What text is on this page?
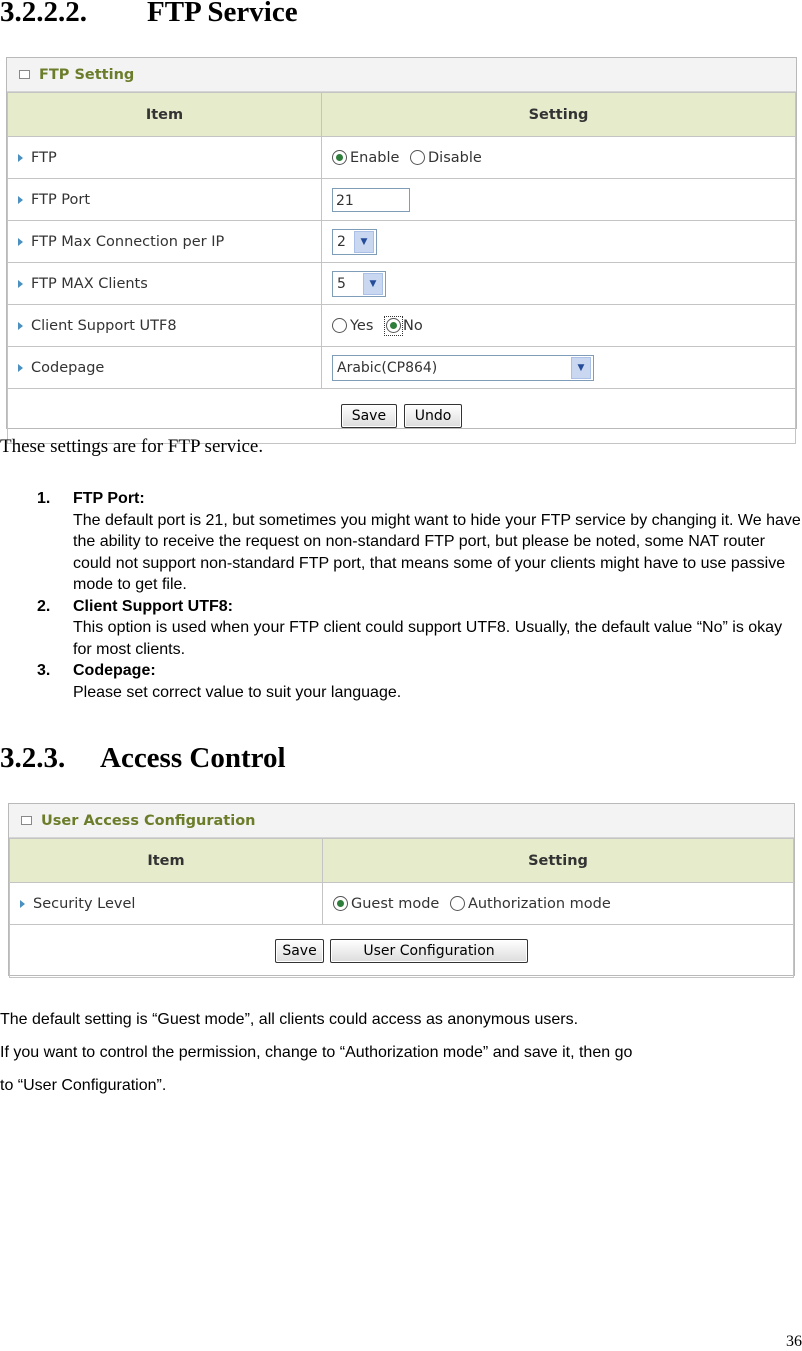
3.2.2.2. FTP Service
FTP Setting
Item	Setting
FTP	Enable Disable
FTP Port	21
FTP Max Connection per IP	2 ▼

FTP MAX Clients	5 ▼

Client Support UTF8	Yes No
Codepage	Arabic(CP864) ▼

Save Undo	
These settings are for FTP service.
1. FTP Port:
The default port is 21, but sometimes you might want to hide your FTP service by changing it. We have the ability to receive the request on non-standard FTP port, but please be noted, some NAT router could not support non-standard FTP port, that means some of your clients might have to use passive mode to get file.
2. Client Support UTF8:
This option is used when your FTP client could support UTF8. Usually, the default value “No” is okay for most clients.
3. Codepage:
Please set correct value to suit your language.
3.2.3. Access Control
User Access Configuration
Item	Setting
Security Level	Guest mode Authorization mode
Save User Configuration	
The default setting is “Guest mode”, all clients could access as anonymous users.
If you want to control the permission, change to “Authorization mode” and save it, then go
to “User Configuration”.
36
